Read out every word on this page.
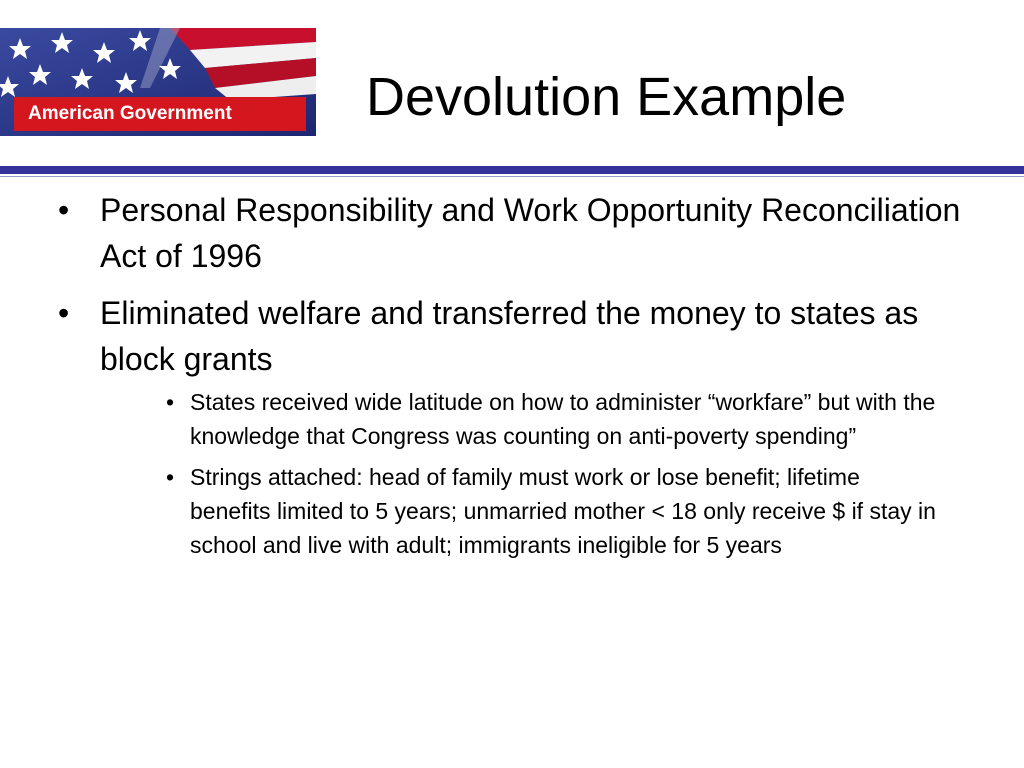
American Government	Devolution Example
• Personal Responsibility and Work Opportunity Reconciliation Act of 1996
• Eliminated welfare and transferred the money to states as block grants
• States received wide latitude on how to administer “workfare” but with the knowledge that Congress was counting on anti-poverty spending”
• Strings attached: head of family must work or lose benefit; lifetime benefits limited to 5 years; unmarried mother < 18 only receive $ if stay in school and live with adult; immigrants ineligible for 5 years
